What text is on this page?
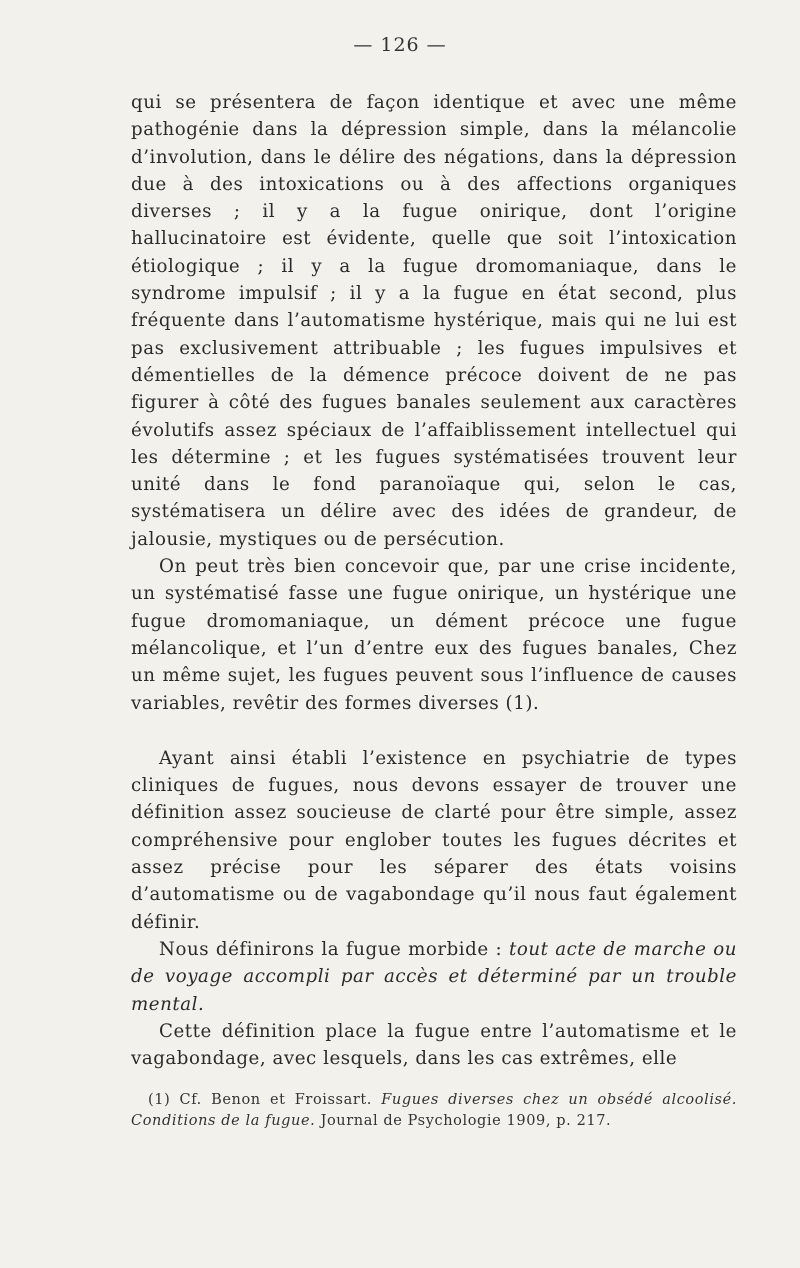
— 126 —

qui se présentera de façon identique et avec une même pathogénie dans la dépression simple, dans la mélancolie d’involution, dans le délire des négations, dans la dépression due à des intoxications ou à des affections organiques diverses ; il y a la fugue onirique, dont l’origine hallucinatoire est évidente, quelle que soit l’intoxication étiologique ; il y a la fugue dromomaniaque, dans le syndrome impulsif ; il y a la fugue en état second, plus fréquente dans l’automatisme hystérique, mais qui ne lui est pas exclusivement attribuable ; les fugues impulsives et démentielles de la démence précoce doivent de ne pas figurer à côté des fugues banales seulement aux caractères évolutifs assez spéciaux de l’affaiblissement intellectuel qui les détermine ; et les fugues systématisées trouvent leur unité dans le fond paranoïaque qui, selon le cas, systématisera un délire avec des idées de grandeur, de jalousie, mystiques ou de persécution.

On peut très bien concevoir que, par une crise incidente, un systématisé fasse une fugue onirique, un hystérique une fugue dromomaniaque, un dément précoce une fugue mélancolique, et l’un d’entre eux des fugues banales, Chez un même sujet, les fugues peuvent sous l’influence de causes variables, revêtir des formes diverses (1).

Ayant ainsi établi l’existence en psychiatrie de types cliniques de fugues, nous devons essayer de trouver une définition assez soucieuse de clarté pour être simple, assez compréhensive pour englober toutes les fugues décrites et assez précise pour les séparer des états voisins d’automatisme ou de vagabondage qu’il nous faut également définir.

Nous définirons la fugue morbide : tout acte de marche ou de voyage accompli par accès et déterminé par un trouble mental.

Cette définition place la fugue entre l’automatisme et le vagabondage, avec lesquels, dans les cas extrêmes, elle

(1) Cf. Benon et Froissart. Fugues diverses chez un obsédé alcoolisé. Conditions de la fugue. Journal de Psychologie 1909, p. 217.
